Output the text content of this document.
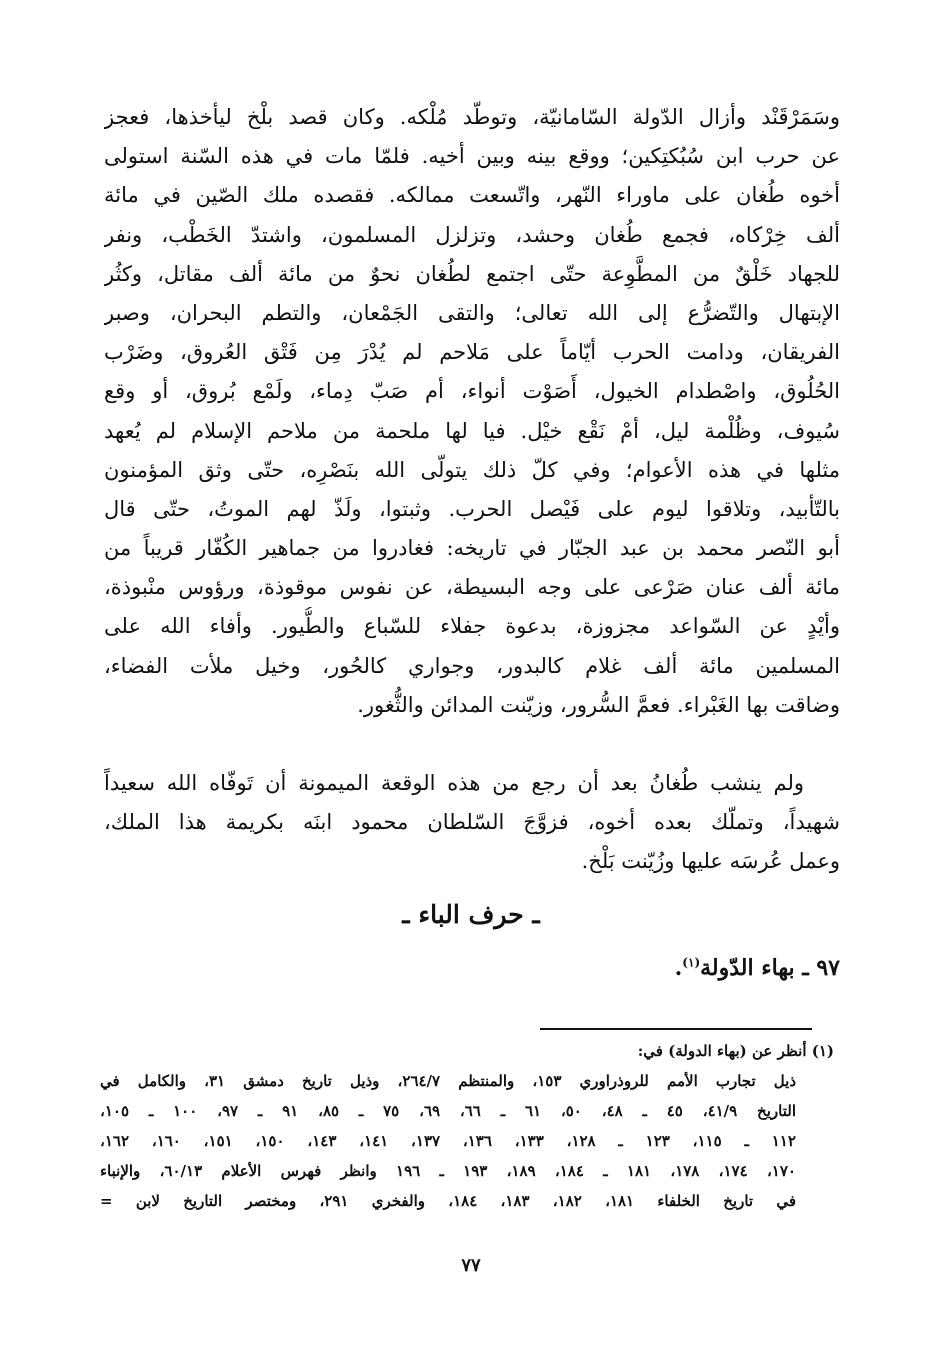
وسَمَرْقَنْد وأزال الدّولة السّامانيّة، وتوطّد مُلْكه. وكان قصد بلْخ ليأخذها، فعجز
عن حرب ابن سُبُكتِكين؛ ووقع بينه وبين أخيه. فلمّا مات في هذه السّنة استولى
أخوه طُغان على ماوراء النّهر، واتّسعت ممالكه. فقصده ملك الصّين في مائة
ألف خِرْكاه، فجمع طُغان وحشد، وتزلزل المسلمون، واشتدّ الخَطْب، ونفر
للجهاد خَلْقٌ من المطَّوِعة حتّى اجتمع لطُغان نحوٌ من مائة ألف مقاتل، وكثُر
الإبتهال والتّضرُّع إلى الله تعالى؛ والتقى الجَمْعان، والتطم البحران، وصبر
الفريقان، ودامت الحرب أيّاماً على مَلاحم لم يُدْرَ مِن فَتْق العُروق، وضَرْب
الحُلُوق، واصْطدام الخيول، أَصَوْت أنواء، أم صَبّ دِماء، ولَمْع بُروق، أو وقع
سُيوف، وظُلْمة ليل، أمْ نَقْع خيْل. فيا لها ملحمة من ملاحم الإسلام لم يُعهد
مثلها في هذه الأعوام؛ وفي كلّ ذلك يتولّى الله بنَصْرِه، حتّى وثق المؤمنون
بالتّأبيد، وتلاقوا ليوم على فَيْصل الحرب. وثبتوا، ولَذّ لهم الموتُ، حتّى قال
أبو النّصر محمد بن عبد الجبّار في تاريخه: فغادروا من جماهير الكُفّار قريباً من
مائة ألف عنان صَرْعى على وجه البسيطة، عن نفوس موقوذة، ورؤوس منْبوذة،
وأيْدٍ عن السّواعد مجزوزة، بدعوة جفلاء للسّباع والطُّيور. وأفاء الله على
المسلمين مائة ألف غلام كالبدور، وجواري كالحُور، وخيل ملأت الفضاء،
وضاقت بها الغَبْراء. فعمَّ السُّرور، وزيّنت المدائن والثُّغور.
ولم ينشب طُغانُ بعد أن رجع من هذه الوقعة الميمونة أن تَوفّاه الله سعيداً
شهيداً، وتملّك بعده أخوه، فزوَّجَ السّلطان محمود ابنَه بكريمة هذا الملك،
وعمل عُرسَه عليها وزُيّنت بَلْخ.
ـ حرف الباء ـ
٩٧ ـ بهاء الدّولة$^{(١)}$.
(١) أنظر عن (بهاء الدولة) في:
ذيل تجارب الأمم للروذراوري ١٥٣، والمنتظم ٢٦٤/٧، وذيل تاريخ دمشق ٣١، والكامل في
التاريخ ٤١/٩، ٤٥ ـ ٤٨، ٥٠، ٦١ ـ ٦٦، ٦٩، ٧٥ ـ ٨٥، ٩١ ـ ٩٧، ١٠٠ ـ ١٠٥،
١١٢ ـ ١١٥، ١٢٣ ـ ١٢٨، ١٣٣، ١٣٦، ١٣٧، ١٤١، ١٤٣، ١٥٠، ١٥١، ١٦٠، ١٦٢،
١٧٠، ١٧٤، ١٧٨، ١٨١ ـ ١٨٤، ١٨٩، ١٩٣ ـ ١٩٦ وانظر فهرس الأعلام ٦٠/١٣، والإنباء
في تاريخ الخلفاء ١٨١، ١٨٢، ١٨٣، ١٨٤، والفخري ٢٩١، ومختصر التاريخ لابن =
٧٧
